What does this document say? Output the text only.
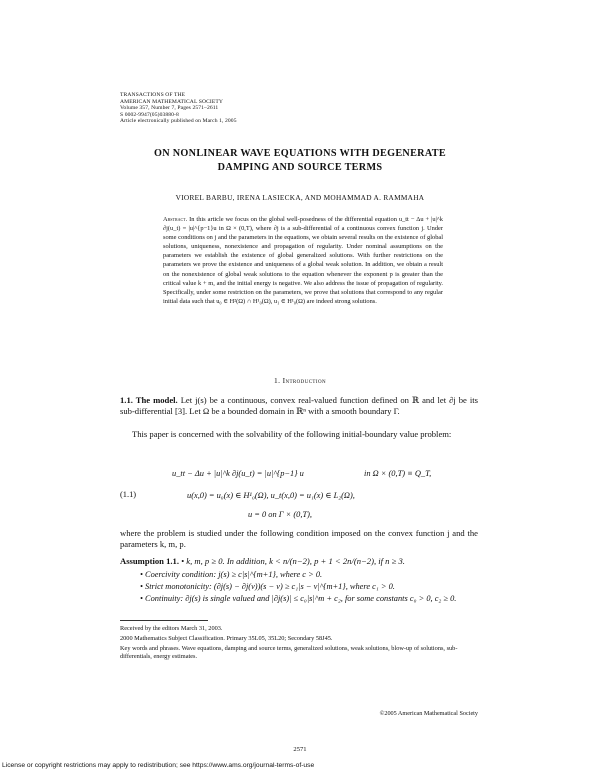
TRANSACTIONS OF THE
AMERICAN MATHEMATICAL SOCIETY
Volume 357, Number 7, Pages 2571–2611
S 0002-9947(05)03880-8
Article electronically published on March 1, 2005
ON NONLINEAR WAVE EQUATIONS WITH DEGENERATE
DAMPING AND SOURCE TERMS
VIOREL BARBU, IRENA LASIECKA, AND MOHAMMAD A. RAMMAHA
Abstract. In this article we focus on the global well-posedness of the differential equation u_tt − Δu + |u|^k ∂j(u_t) = |u|^{p−1}u in Ω × (0,T), where ∂j is a sub-differential of a continuous convex function j. Under some conditions on j and the parameters in the equations, we obtain several results on the existence of global solutions, uniqueness, nonexistence and propagation of regularity. Under nominal assumptions on the parameters we establish the existence of global generalized solutions. With further restrictions on the parameters we prove the existence and uniqueness of a global weak solution. In addition, we obtain a result on the nonexistence of global weak solutions to the equation whenever the exponent p is greater than the critical value k + m, and the initial energy is negative. We also address the issue of propagation of regularity. Specifically, under some restriction on the parameters, we prove that solutions that correspond to any regular initial data such that u₀ ∈ H²(Ω) ∩ H¹₀(Ω), u₁ ∈ H¹₀(Ω) are indeed strong solutions.
1. Introduction
1.1. The model. Let j(s) be a continuous, convex real-valued function defined on ℝ and let ∂j be its sub-differential [3]. Let Ω be a bounded domain in ℝⁿ with a smooth boundary Γ.
This paper is concerned with the solvability of the following initial-boundary value problem:
u_tt − Δu + |u|^k ∂j(u_t) = |u|^{p−1} u	in Ω × (0,T) ≡ Q_T,
(1.1)	u(x,0) = u₀(x) ∈ H¹₀(Ω), u_t(x,0) = u₁(x) ∈ L₂(Ω),
u = 0 on Γ × (0,T),
where the problem is studied under the following condition imposed on the convex function j and the parameters k, m, p.
Assumption 1.1. • k, m, p ≥ 0. In addition, k < n/(n−2), p + 1 < 2n/(n−2), if n ≥ 3.
• Coercivity condition: j(s) ≥ c|s|^{m+1}, where c > 0.
• Strict monotonicity: (∂j(s) − ∂j(v))(s − v) ≥ c₁|s − v|^{m+1}, where c₁ > 0.
• Continuity: ∂j(s) is single valued and |∂j(s)| ≤ c₀|s|^m + c₂, for some constants c₀ > 0, c₂ ≥ 0.
Received by the editors March 31, 2003.
2000 Mathematics Subject Classification. Primary 35L05, 35L20; Secondary 58J45.
Key words and phrases. Wave equations, damping and source terms, generalized solutions, weak solutions, blow-up of solutions, sub-differentials, energy estimates.
©2005 American Mathematical Society
2571
License or copyright restrictions may apply to redistribution; see https://www.ams.org/journal-terms-of-use
